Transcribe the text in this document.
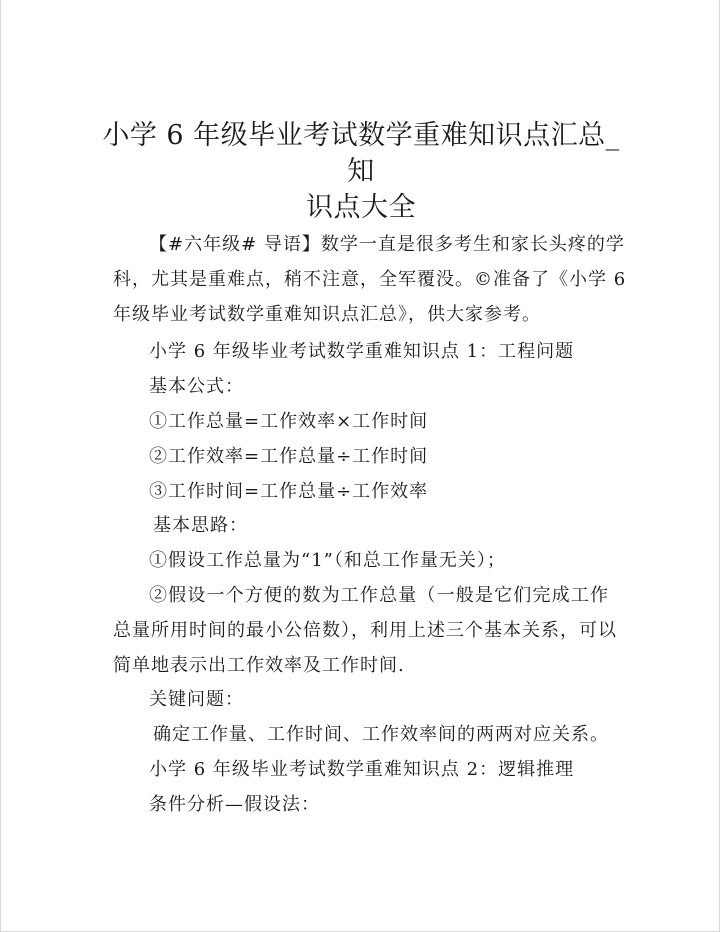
小学 6 年级毕业考试数学重难知识点汇总_知
识点大全
【#六年级# 导语】数学一直是很多考生和家长头疼的学
科，尤其是重难点，稍不注意，全军覆没。©准备了《小学 6
年级毕业考试数学重难知识点汇总》，供大家参考。
小学 6 年级毕业考试数学重难知识点 1：工程问题
基本公式：
①工作总量=工作效率×工作时间
②工作效率=工作总量÷工作时间
③工作时间=工作总量÷工作效率
基本思路：
①假设工作总量为“1”（和总工作量无关）；
②假设一个方便的数为工作总量（一般是它们完成工作
总量所用时间的最小公倍数），利用上述三个基本关系，可以
简单地表示出工作效率及工作时间.
关键问题：
确定工作量、工作时间、工作效率间的两两对应关系。
小学 6 年级毕业考试数学重难知识点 2：逻辑推理
条件分析—假设法：
